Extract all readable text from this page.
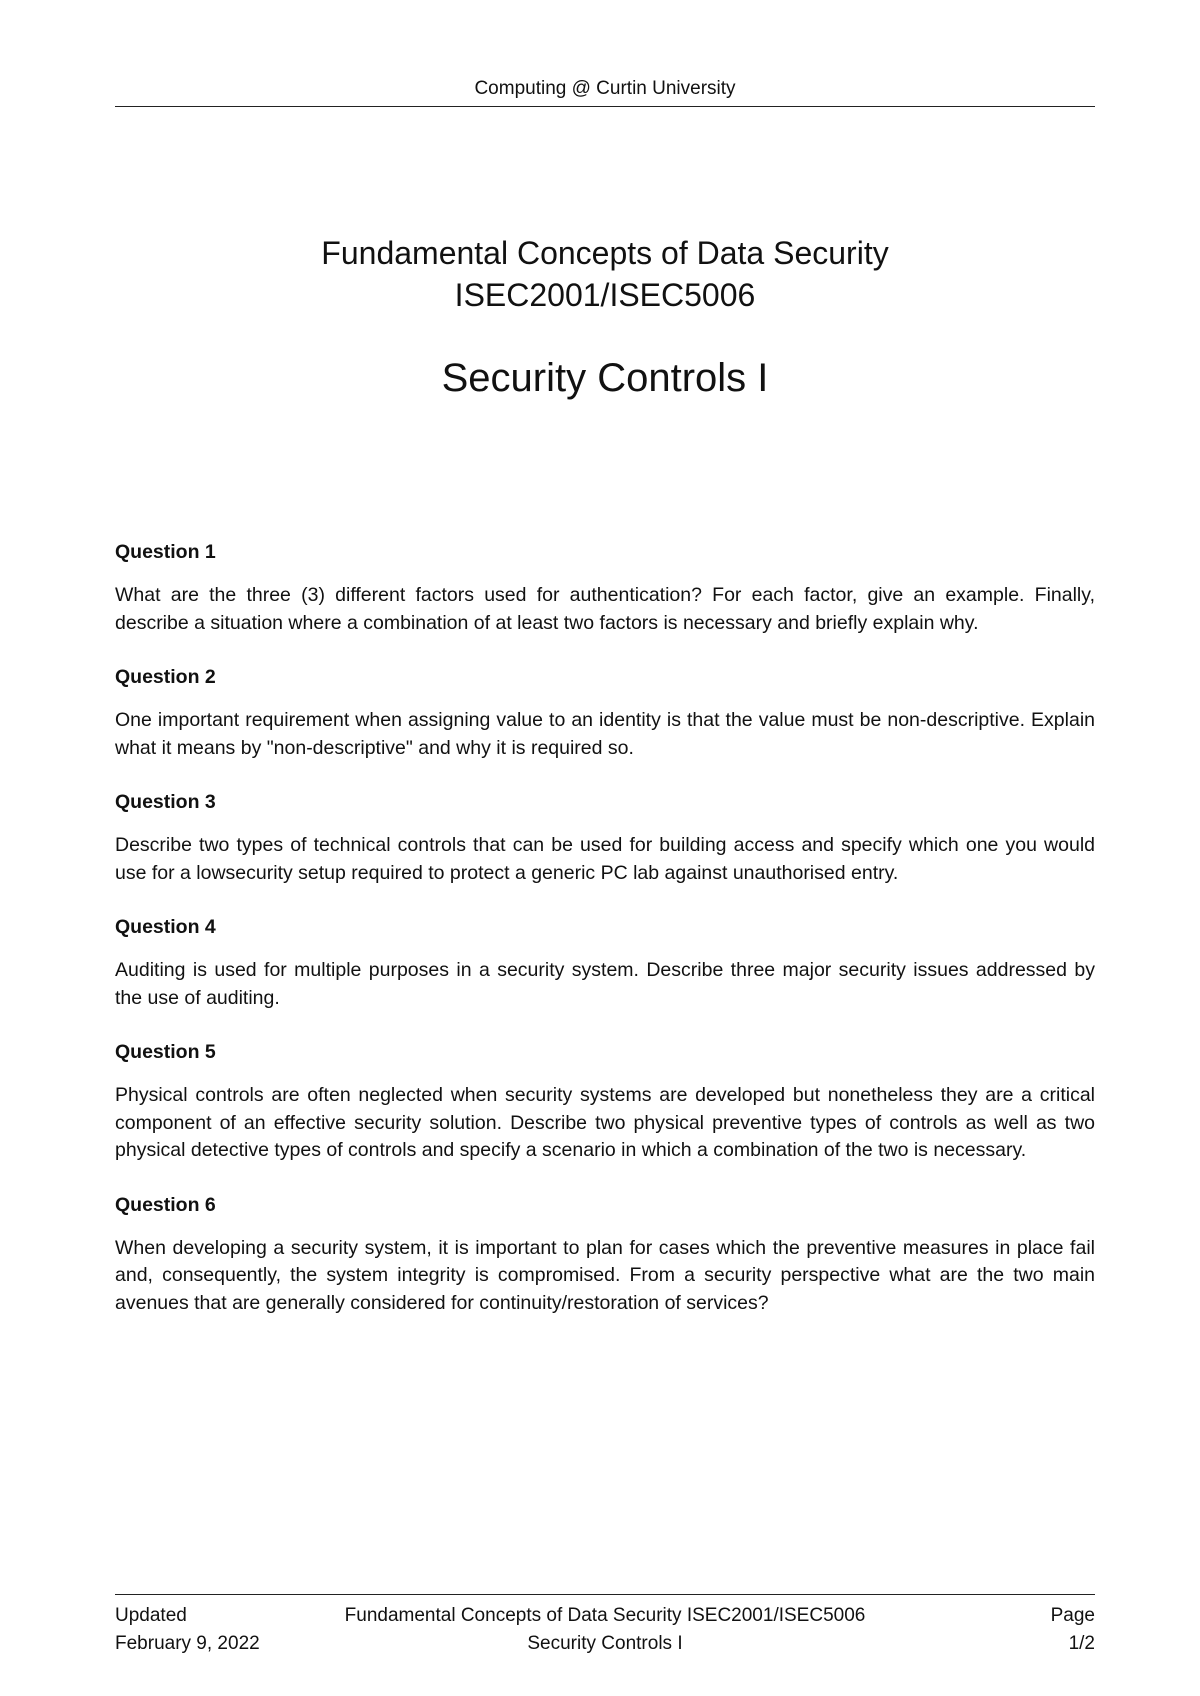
Computing @ Curtin University
Fundamental Concepts of Data Security
ISEC2001/ISEC5006
Security Controls I
Question 1
What are the three (3) different factors used for authentication? For each factor, give an example. Finally, describe a situation where a combination of at least two factors is necessary and briefly explain why.
Question 2
One important requirement when assigning value to an identity is that the value must be non-descriptive. Explain what it means by "non-descriptive" and why it is required so.
Question 3
Describe two types of technical controls that can be used for building access and specify which one you would use for a lowsecurity setup required to protect a generic PC lab against unauthorised entry.
Question 4
Auditing is used for multiple purposes in a security system. Describe three major security issues addressed by the use of auditing.
Question 5
Physical controls are often neglected when security systems are developed but nonetheless they are a critical component of an effective security solution. Describe two physical preventive types of controls as well as two physical detective types of controls and specify a scenario in which a combination of the two is necessary.
Question 6
When developing a security system, it is important to plan for cases which the preventive measures in place fail and, consequently, the system integrity is compromised. From a security perspective what are the two main avenues that are generally considered for continuity/restoration of services?
Fundamental Concepts of Data Security ISEC2001/ISEC5006
Security Controls I
Updated
February 9, 2022
Page
1/2
